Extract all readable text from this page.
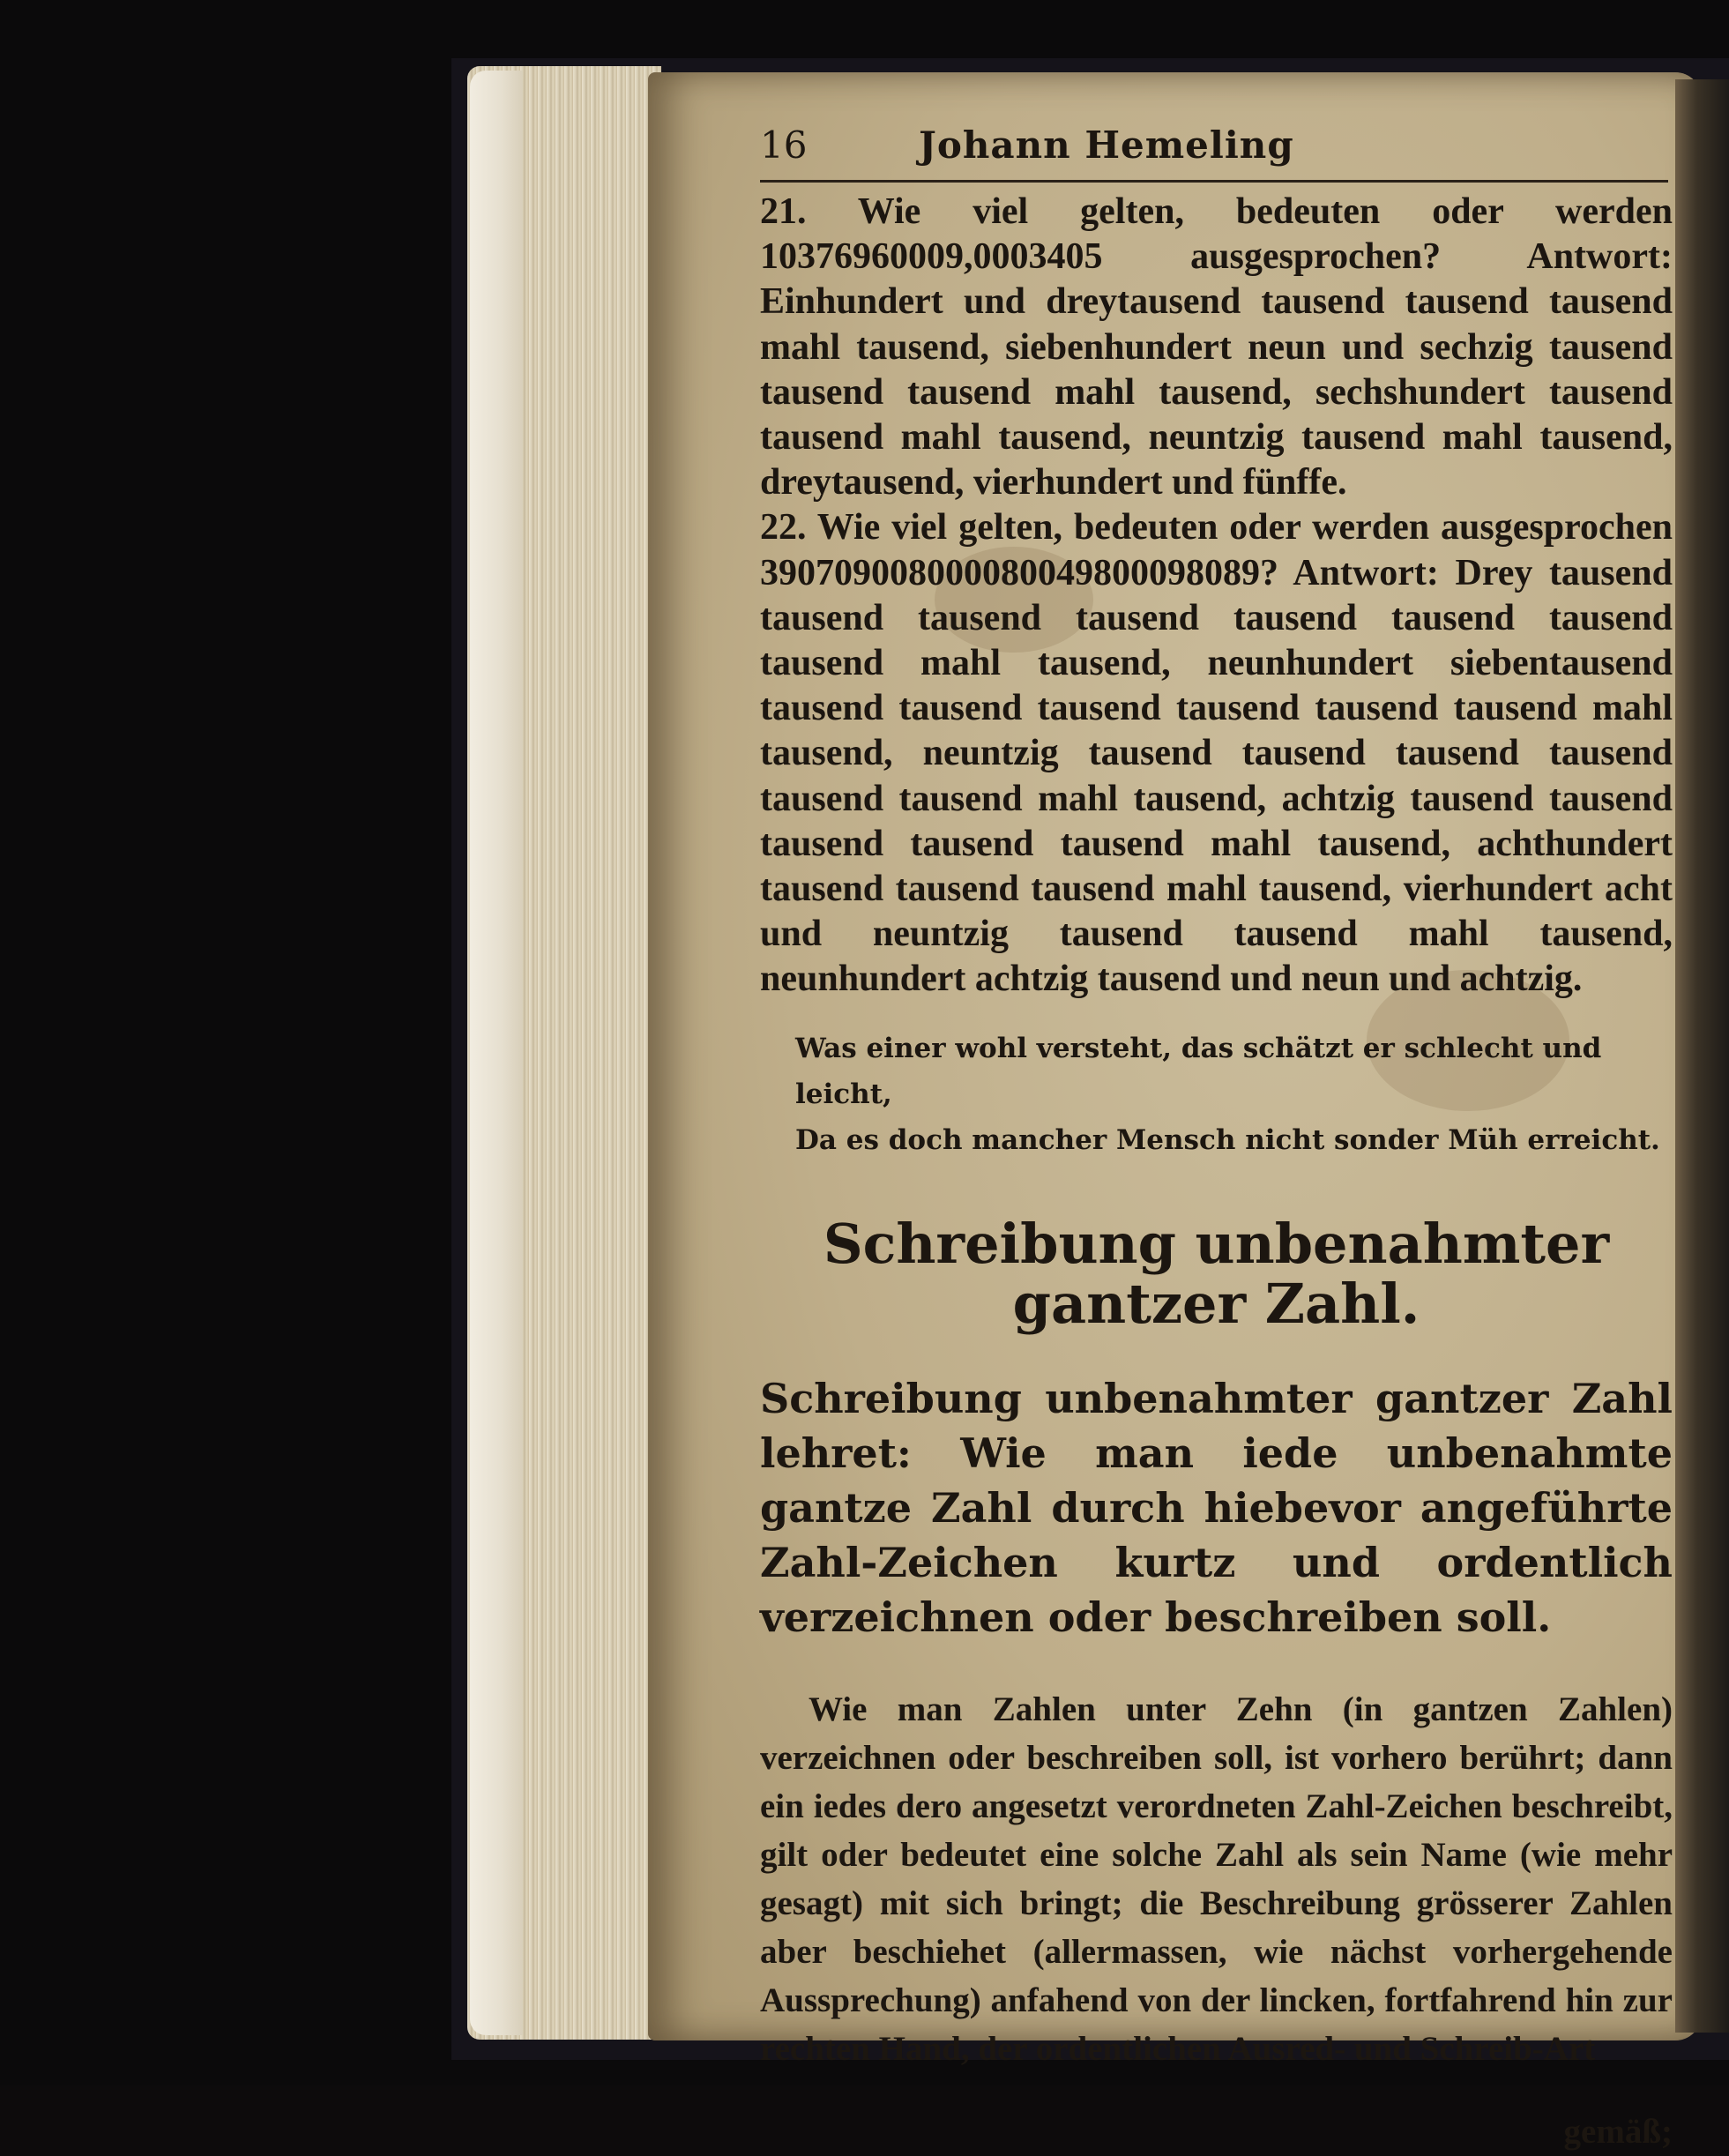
16	Johann Hemeling

21. Wie viel gelten, bedeuten oder werden 10376960009,0003405 ausgesprochen? Antwort: Einhundert und dreytausend tausend tausend tausend mahl tausend, siebenhundert neun und sechzig tausend tausend tausend mahl tausend, sechshundert tausend tausend mahl tausend, neuntzig tausend mahl tausend, dreytausend, vierhundert und fünffe.

22. Wie viel gelten, bedeuten oder werden ausgesprochen 390709008000080049800098089? Antwort: Drey tausend tausend tausend tausend tausend tausend tausend tausend mahl tausend, neunhundert siebentausend tausend tausend tausend tausend tausend tausend mahl tausend, neuntzig tausend tausend tausend tausend tausend tausend mahl tausend, achtzig tausend tausend tausend tausend tausend mahl tausend, achthundert tausend tausend tausend mahl tausend, vierhundert acht und neuntzig tausend tausend mahl tausend, neunhundert achtzig tausend und neun und achtzig.

Was einer wohl versteht, das schätzt er schlecht und leicht,
Da es doch mancher Mensch nicht sonder Müh erreicht.
Schreibung unbenahmter gantzer Zahl.

Schreibung unbenahmter gantzer Zahl lehret: Wie man iede unbenahmte gantze Zahl durch hiebevor angeführte Zahl-Zeichen kurtz und ordentlich verzeichnen oder beschreiben soll.

Wie man Zahlen unter Zehn (in gantzen Zahlen) verzeichnen oder beschreiben soll, ist vorhero berührt; dann ein iedes dero angesetzt verordneten Zahl-Zeichen beschreibt, gilt oder bedeutet eine solche Zahl als sein Name (wie mehr gesagt) mit sich bringt; die Beschreibung grösserer Zahlen aber beschiehet (allermassen, wie nächst vorhergehende Aussprechung) anfahend von der lincken, fortfahrend hin zur rechten Hand, der ordentlichen Ausred- und Schreib-Art

gemäß;
